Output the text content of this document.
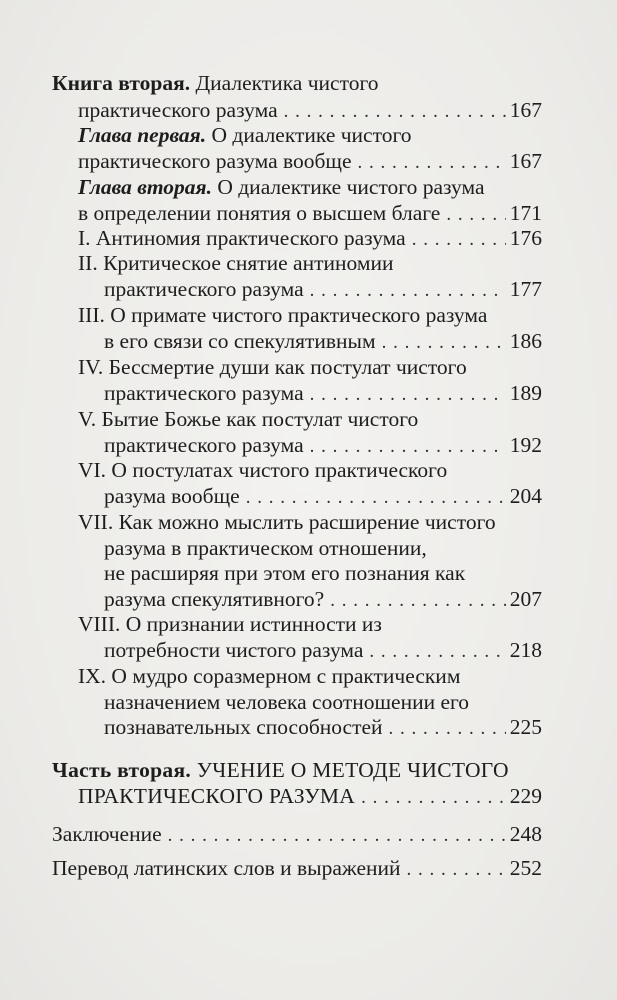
Книга вторая. Диалектика чистого
практического разума . . .	167
Глава первая. О диалектике чистого
практического разума вообще . . .	167
Глава вторая. О диалектике чистого разума
в определении понятия о высшем благе . . .	171
I. Антиномия практического разума . . .	176
II. Критическое снятие антиномии
практического разума . . .	177
III. О примате чистого практического разума
в его связи со спекулятивным . . .	186
IV. Бессмертие души как постулат чистого
практического разума . . .	189
V. Бытие Божье как постулат чистого
практического разума . . .	192
VI. О постулатах чистого практического
разума вообще . . .	204
VII. Как можно мыслить расширение чистого
разума в практическом отношении,
не расширяя при этом его познания как
разума спекулятивного? . . .	207
VIII. О признании истинности из
потребности чистого разума . . .	218
IX. О мудро соразмерном с практическим
назначением человека соотношении его
познавательных способностей . . .	225
Часть вторая. УЧЕНИЕ О МЕТОДЕ ЧИСТОГО
ПРАКТИЧЕСКОГО РАЗУМА . . .	229
Заключение . . .	248
Перевод латинских слов и выражений . . .	252
